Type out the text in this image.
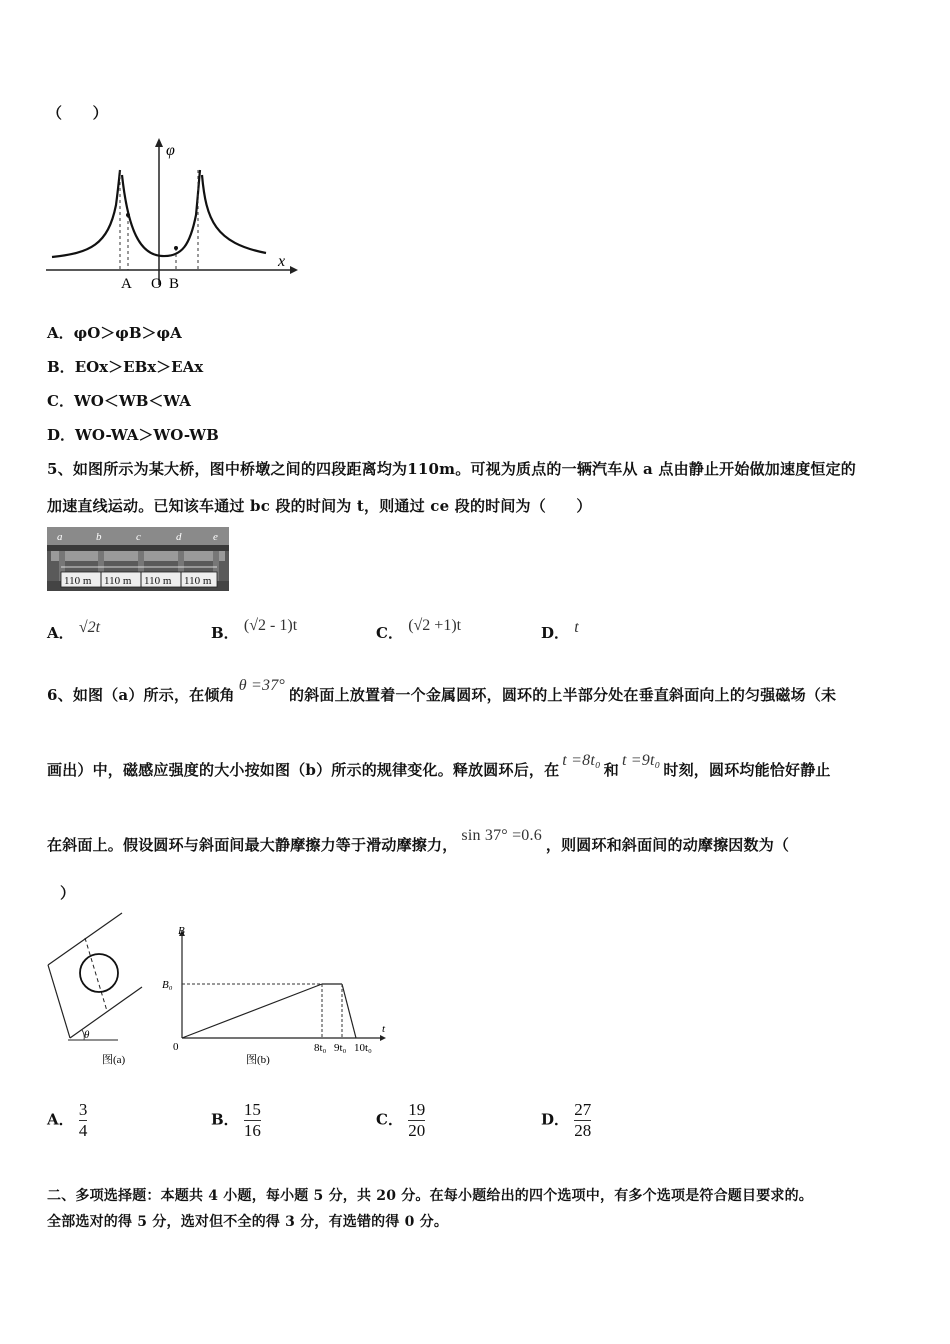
（　　）
φ
x
A O B
A．φO＞φB＞φA
B．EOx＞EBx＞EAx
C．WO＜WB＜WA
D．WO-WA＞WO-WB
5、如图所示为某大桥，图中桥墩之间的四段距离均为110m。可视为质点的一辆汽车从 a 点由静止开始做加速度恒定的
加速直线运动。已知该车通过 bc 段的时间为 t，则通过 ce 段的时间为（　　）
a	b	c	d	e
110 m 110 m 110 m 110 m
A． √2t	B． (√2 - 1)t	C． (√2 +1)t	D． t
6、如图（a）所示，在倾角θ =37°的斜面上放置着一个金属圆环，圆环的上半部分处在垂直斜面向上的匀强磁场（未
画出）中，磁感应强度的大小按如图（b）所示的规律变化。释放圆环后，在t =8t₀和t =9t₀时刻，圆环均能恰好静止
在斜面上。假设圆环与斜面间最大静摩擦力等于滑动摩擦力，sin 37° =0.6，则圆环和斜面间的动摩擦因数为（
）
θ
图(a)
B
B₀
0	8t₀ 9t₀ 10t₀
t
图(b)
A． $\frac{3}{4}$	B． $\frac{15}{16}$	C． $\frac{19}{20}$	D． $\frac{27}{28}$
二、多项选择题：本题共 4 小题，每小题 5 分，共 20 分。在每小题给出的四个选项中，有多个选项是符合题目要求的。
全部选对的得 5 分，选对但不全的得 3 分，有选错的得 0 分。
